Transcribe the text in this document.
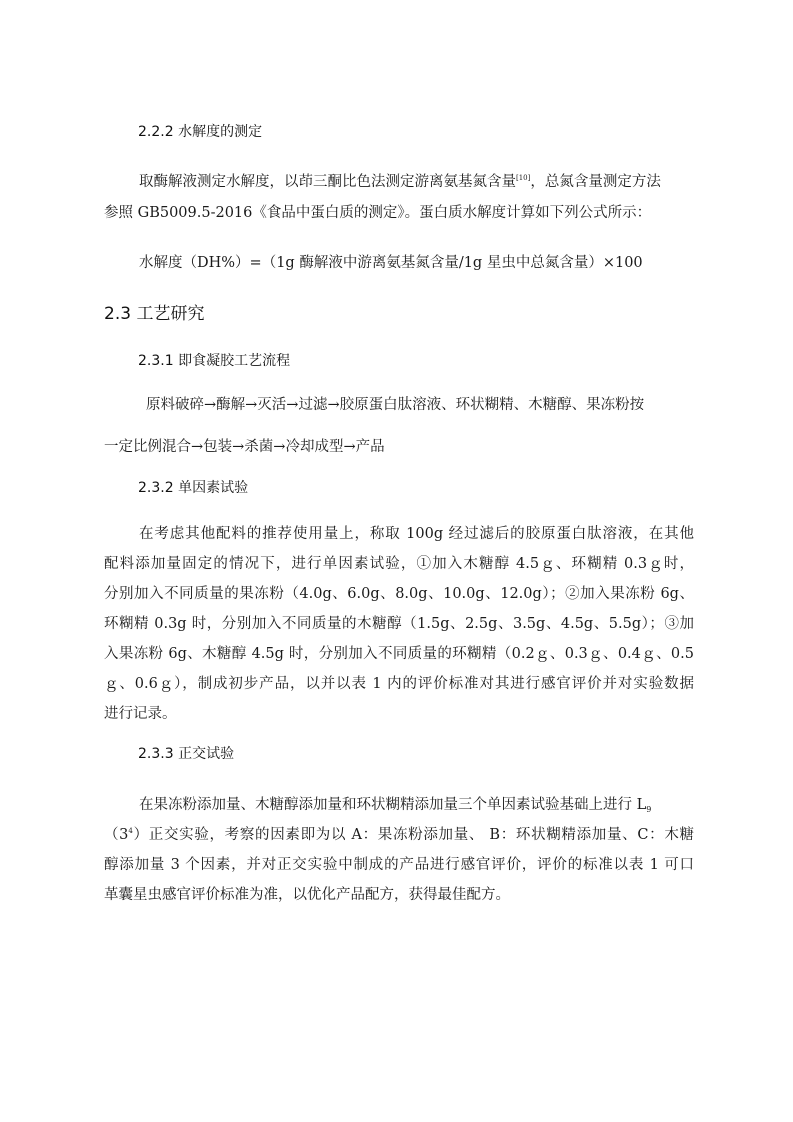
2.2.2 水解度的测定
取酶解液测定水解度，以茚三酮比色法测定游离氨基氮含量[10]，总氮含量测定方法
参照 GB5009.5-2016《食品中蛋白质的测定》。蛋白质水解度计算如下列公式所示：
水解度（DH%）=（1g 酶解液中游离氨基氮含量/1g 星虫中总氮含量）×100
2.3 工艺研究
2.3.1 即食凝胶工艺流程
原料破碎→酶解→灭活→过滤→胶原蛋白肽溶液、环状糊精、木糖醇、果冻粉按
一定比例混合→包装→杀菌→冷却成型→产品
2.3.2 单因素试验
在考虑其他配料的推荐使用量上，称取 100g 经过滤后的胶原蛋白肽溶液，在其他
配料添加量固定的情况下，进行单因素试验，①加入木糖醇 4.5ｇ、环糊精 0.3ｇ时，
分别加入不同质量的果冻粉（4.0g、6.0g、8.0g、10.0g、12.0g）；②加入果冻粉 6g、
环糊精 0.3g 时，分别加入不同质量的木糖醇（1.5g、2.5g、3.5g、4.5g、5.5g）；③加
入果冻粉 6g、木糖醇 4.5g 时，分别加入不同质量的环糊精（0.2ｇ、0.3ｇ、0.4ｇ、0.5
ｇ、0.6ｇ），制成初步产品，以并以表 1 内的评价标准对其进行感官评价并对实验数据
进行记录。
2.3.3 正交试验
在果冻粉添加量、木糖醇添加量和环状糊精添加量三个单因素试验基础上进行 $L_9$
$(3^4)$正交实验，考察的因素即为以 A：果冻粉添加量、 B：环状糊精添加量、C：木糖
醇添加量 3 个因素，并对正交实验中制成的产品进行感官评价，评价的标准以表 1 可口
革囊星虫感官评价标准为准，以优化产品配方，获得最佳配方。
